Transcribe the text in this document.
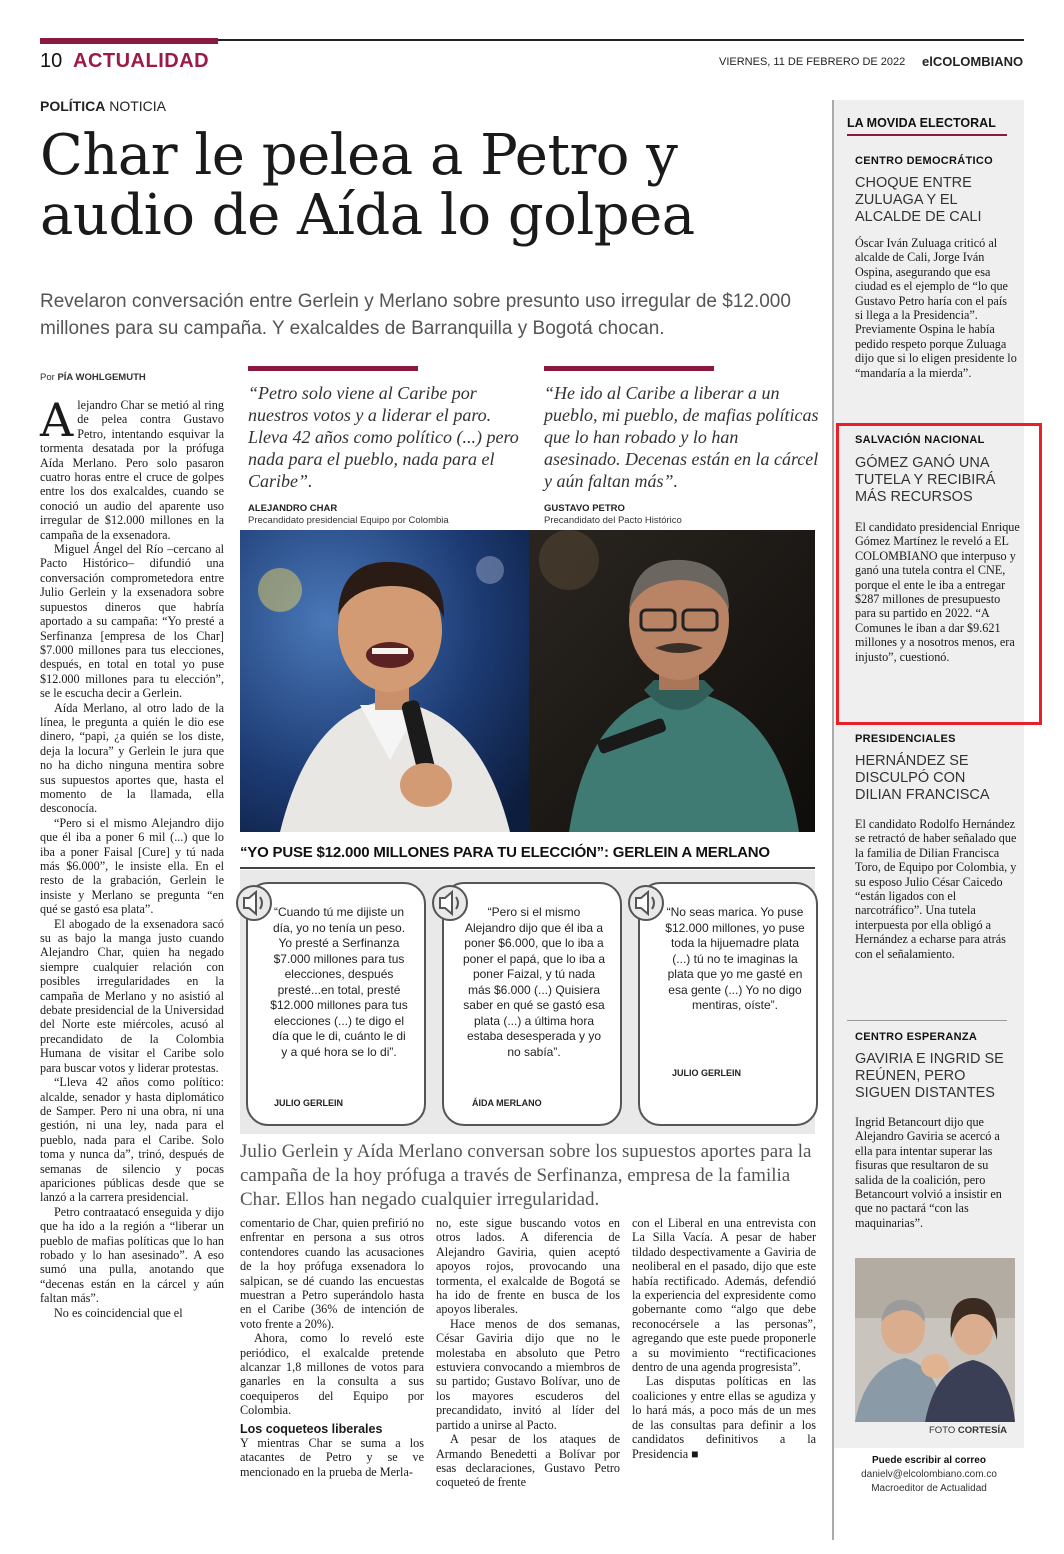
10 ACTUALIDAD	VIERNES, 11 DE FEBRERO DE 2022 elCOLOMBIANO
POLÍTICA NOTICIA
Char le pelea a Petro y audio de Aída lo golpea
Revelaron conversación entre Gerlein y Merlano sobre presunto uso irregular de $12.000 millones para su campaña. Y exalcaldes de Barranquilla y Bogotá chocan.
Por PÍA WOHLGEMUTH

Alejandro Char se metió al ring de pelea contra Gustavo Petro, intentando esquivar la tormenta desatada por la prófuga Aída Merlano. Pero solo pasaron cuatro horas entre el cruce de golpes entre los dos exalcaldes, cuando se conoció un audio del aparente uso irregular de $12.000 millones en la campaña de la exsenadora.

Miguel Ángel del Río –cercano al Pacto Histórico– difundió una conversación comprometedora entre Julio Gerlein y la exsenadora sobre supuestos dineros que habría aportado a su campaña: “Yo presté a Serfinanza [empresa de los Char] $7.000 millones para tus elecciones, después, en total en total yo puse $12.000 millones para tu elección”, se le escucha decir a Gerlein.

Aída Merlano, al otro lado de la línea, le pregunta a quién le dio ese dinero, “papi, ¿a quién se los diste, deja la locura” y Gerlein le jura que no ha dicho ninguna mentira sobre sus supuestos aportes que, hasta el momento de la llamada, ella desconocía.

“Pero si el mismo Alejandro dijo que él iba a poner 6 mil (...) que lo iba a poner Faisal [Cure] y tú nada más $6.000”, le insiste ella. En el resto de la grabación, Gerlein le insiste y Merlano se pregunta “en qué se gastó esa plata”.

El abogado de la exsenadora sacó su as bajo la manga justo cuando Alejandro Char, quien ha negado siempre cualquier relación con posibles irregularidades en la campaña de Merlano y no asistió al debate presidencial de la Universidad del Norte este miércoles, acusó al precandidato de la Colombia Humana de visitar el Caribe solo para buscar votos y liderar protestas.

“Lleva 42 años como político: alcalde, senador y hasta diplomático de Samper. Pero ni una obra, ni una gestión, ni una ley, nada para el pueblo, nada para el Caribe. Solo toma y nunca da”, trinó, después de semanas de silencio y pocas apariciones públicas desde que se lanzó a la carrera presidencial.

Petro contraatacó enseguida y dijo que ha ido a la región a “liberar un pueblo de mafias políticas que lo han robado y lo han asesinado”. A eso sumó una pulla, anotando que “decenas están en la cárcel y aún faltan más”.

No es coincidencial que el

“Petro solo viene al Caribe por nuestros votos y a liderar el paro. Lleva 42 años como político (...) pero nada para el pueblo, nada para el Caribe”.
ALEJANDRO CHAR
Precandidato presidencial Equipo por Colombia
“He ido al Caribe a liberar a un pueblo, mi pueblo, de mafias políticas que lo han robado y lo han asesinado. Decenas están en la cárcel y aún faltan más”.
GUSTAVO PETRO
Precandidato del Pacto Histórico

comentario de Char, quien prefirió no enfrentar en persona a sus otros contendores cuando las acusaciones de la hoy prófuga exsenadora lo salpican, se dé cuando las encuestas muestran a Petro superándolo hasta en el Caribe (36% de intención de voto frente a 20%).

Ahora, como lo reveló este periódico, el exalcalde pretende alcanzar 1,8 millones de votos para ganarles en la consulta a sus coequiperos del Equipo por Colombia.

Los coqueteos liberales

Y mientras Char se suma a los atacantes de Petro y se ve mencionado en la prueba de Merla-

no, este sigue buscando votos en otros lados. A diferencia de Alejandro Gaviria, quien aceptó apoyos rojos, provocando una tormenta, el exalcalde de Bogotá se ha ido de frente en busca de los apoyos liberales.

Hace menos de dos semanas, César Gaviria dijo que no le molestaba en absoluto que Petro estuviera convocando a miembros de su partido; Gustavo Bolívar, uno de los mayores escuderos del precandidato, invitó al líder del partido a unirse al Pacto.

A pesar de los ataques de Armando Benedetti a Bolívar por esas declaraciones, Gustavo Petro coqueteó de frente

con el Liberal en una entrevista con La Silla Vacía. A pesar de haber tildado despectivamente a Gaviria de neoliberal en el pasado, dijo que este había rectificado. Además, defendió la experiencia del expresidente como gobernante como “algo que debe reconocérsele a las personas”, agregando que este puede proponerle a su movimiento “rectificaciones dentro de una agenda progresista”.

Las disputas políticas en las coaliciones y entre ellas se agudiza y lo hará más, a poco más de un mes de las consultas para definir a los candidatos definitivos a la Presidencia ■

“YO PUSE $12.000 MILLONES PARA TU ELECCIÓN”: GERLEIN A MERLANO
“Cuando tú me dijiste un día, yo no tenía un peso. Yo presté a Serfinanza $7.000 millones para tus elecciones, después presté...en total, presté $12.000 millones para tus elecciones (...) te digo el día que le di, cuánto le di y a qué hora se lo di”.
JULIO GERLEIN
“Pero si el mismo Alejandro dijo que él iba a poner $6.000, que lo iba a poner el papá, que lo iba a poner Faizal, y tú nada más $6.000 (...) Quisiera saber en qué se gastó esa plata (...) a última hora estaba desesperada y yo no sabía”.
ÁIDA MERLANO
“No seas marica. Yo puse $12.000 millones, yo puse toda la hijuemadre plata (...) tú no te imaginas la plata que yo me gasté en esa gente (...) Yo no digo mentiras, oíste”.
JULIO GERLEIN
Julio Gerlein y Aída Merlano conversan sobre los supuestos aportes para la campaña de la hoy prófuga a través de Serfinanza, empresa de la familia Char. Ellos han negado cualquier irregularidad.
LA MOVIDA ELECTORAL
CENTRO DEMOCRÁTICO
CHOQUE ENTRE ZULUAGA Y EL ALCALDE DE CALI
Óscar Iván Zuluaga criticó al alcalde de Cali, Jorge Iván Ospina, asegurando que esa ciudad es el ejemplo de “lo que Gustavo Petro haría con el país si llega a la Presidencia”. Previamente Ospina le había pedido respeto porque Zuluaga dijo que si lo eligen presidente lo “mandaría a la mierda”.
SALVACIÓN NACIONAL
GÓMEZ GANÓ UNA TUTELA Y RECIBIRÁ MÁS RECURSOS
El candidato presidencial Enrique Gómez Martínez le reveló a EL COLOMBIANO que interpuso y ganó una tutela contra el CNE, porque el ente le iba a entregar $287 millones de presupuesto para su partido en 2022. “A Comunes le iban a dar $9.621 millones y a nosotros menos, era injusto”, cuestionó.
PRESIDENCIALES
HERNÁNDEZ SE DISCULPÓ CON DILIAN FRANCISCA
El candidato Rodolfo Hernández se retractó de haber señalado que la familia de Dilian Francisca Toro, de Equipo por Colombia, y su esposo Julio César Caicedo “están ligados con el narcotráfico”. Una tutela interpuesta por ella obligó a Hernández a echarse para atrás con el señalamiento.
CENTRO ESPERANZA
GAVIRIA E INGRID SE REÚNEN, PERO SIGUEN DISTANTES
Ingrid Betancourt dijo que Alejandro Gaviria se acercó a ella para intentar superar las fisuras que resultaron de su salida de la coalición, pero Betancourt volvió a insistir en que no pactará “con las maquinarias”.
FOTO CORTESÍA
Puede escribir al correo
danielv@elcolombiano.com.co
Macroeditor de Actualidad
